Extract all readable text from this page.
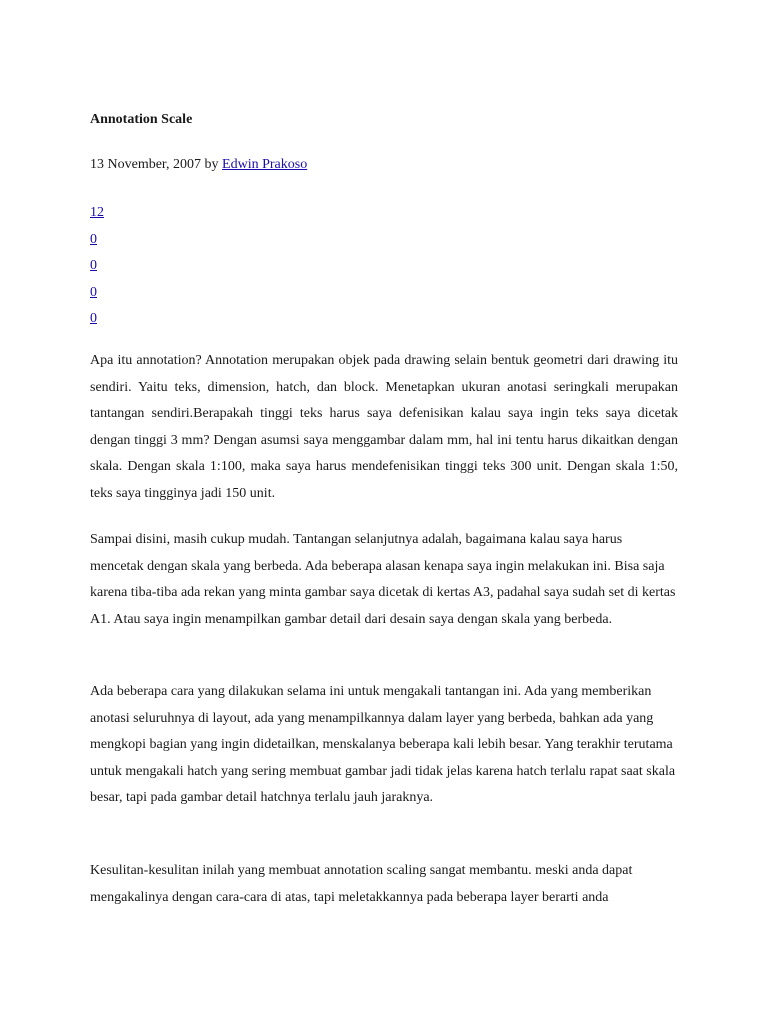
Annotation Scale
13 November, 2007 by Edwin Prakoso
12
0
0
0
0

Apa itu annotation? Annotation merupakan objek pada drawing selain bentuk geometri dari drawing itu sendiri. Yaitu teks, dimension, hatch, dan block. Menetapkan ukuran anotasi seringkali merupakan tantangan sendiri.Berapakah tinggi teks harus saya defenisikan kalau saya ingin teks saya dicetak dengan tinggi 3 mm? Dengan asumsi saya menggambar dalam mm, hal ini tentu harus dikaitkan dengan skala. Dengan skala 1:100, maka saya harus mendefenisikan tinggi teks 300 unit. Dengan skala 1:50, teks saya tingginya jadi 150 unit.

Sampai disini, masih cukup mudah. Tantangan selanjutnya adalah, bagaimana kalau saya harus mencetak dengan skala yang berbeda. Ada beberapa alasan kenapa saya ingin melakukan ini. Bisa saja karena tiba-tiba ada rekan yang minta gambar saya dicetak di kertas A3, padahal saya sudah set di kertas A1. Atau saya ingin menampilkan gambar detail dari desain saya dengan skala yang berbeda.

Ada beberapa cara yang dilakukan selama ini untuk mengakali tantangan ini. Ada yang memberikan anotasi seluruhnya di layout, ada yang menampilkannya dalam layer yang berbeda, bahkan ada yang mengkopi bagian yang ingin didetailkan, menskalanya beberapa kali lebih besar. Yang terakhir terutama untuk mengakali hatch yang sering membuat gambar jadi tidak jelas karena hatch terlalu rapat saat skala besar, tapi pada gambar detail hatchnya terlalu jauh jaraknya.

Kesulitan-kesulitan inilah yang membuat annotation scaling sangat membantu. meski anda dapat mengakalinya dengan cara-cara di atas, tapi meletakkannya pada beberapa layer berarti anda
